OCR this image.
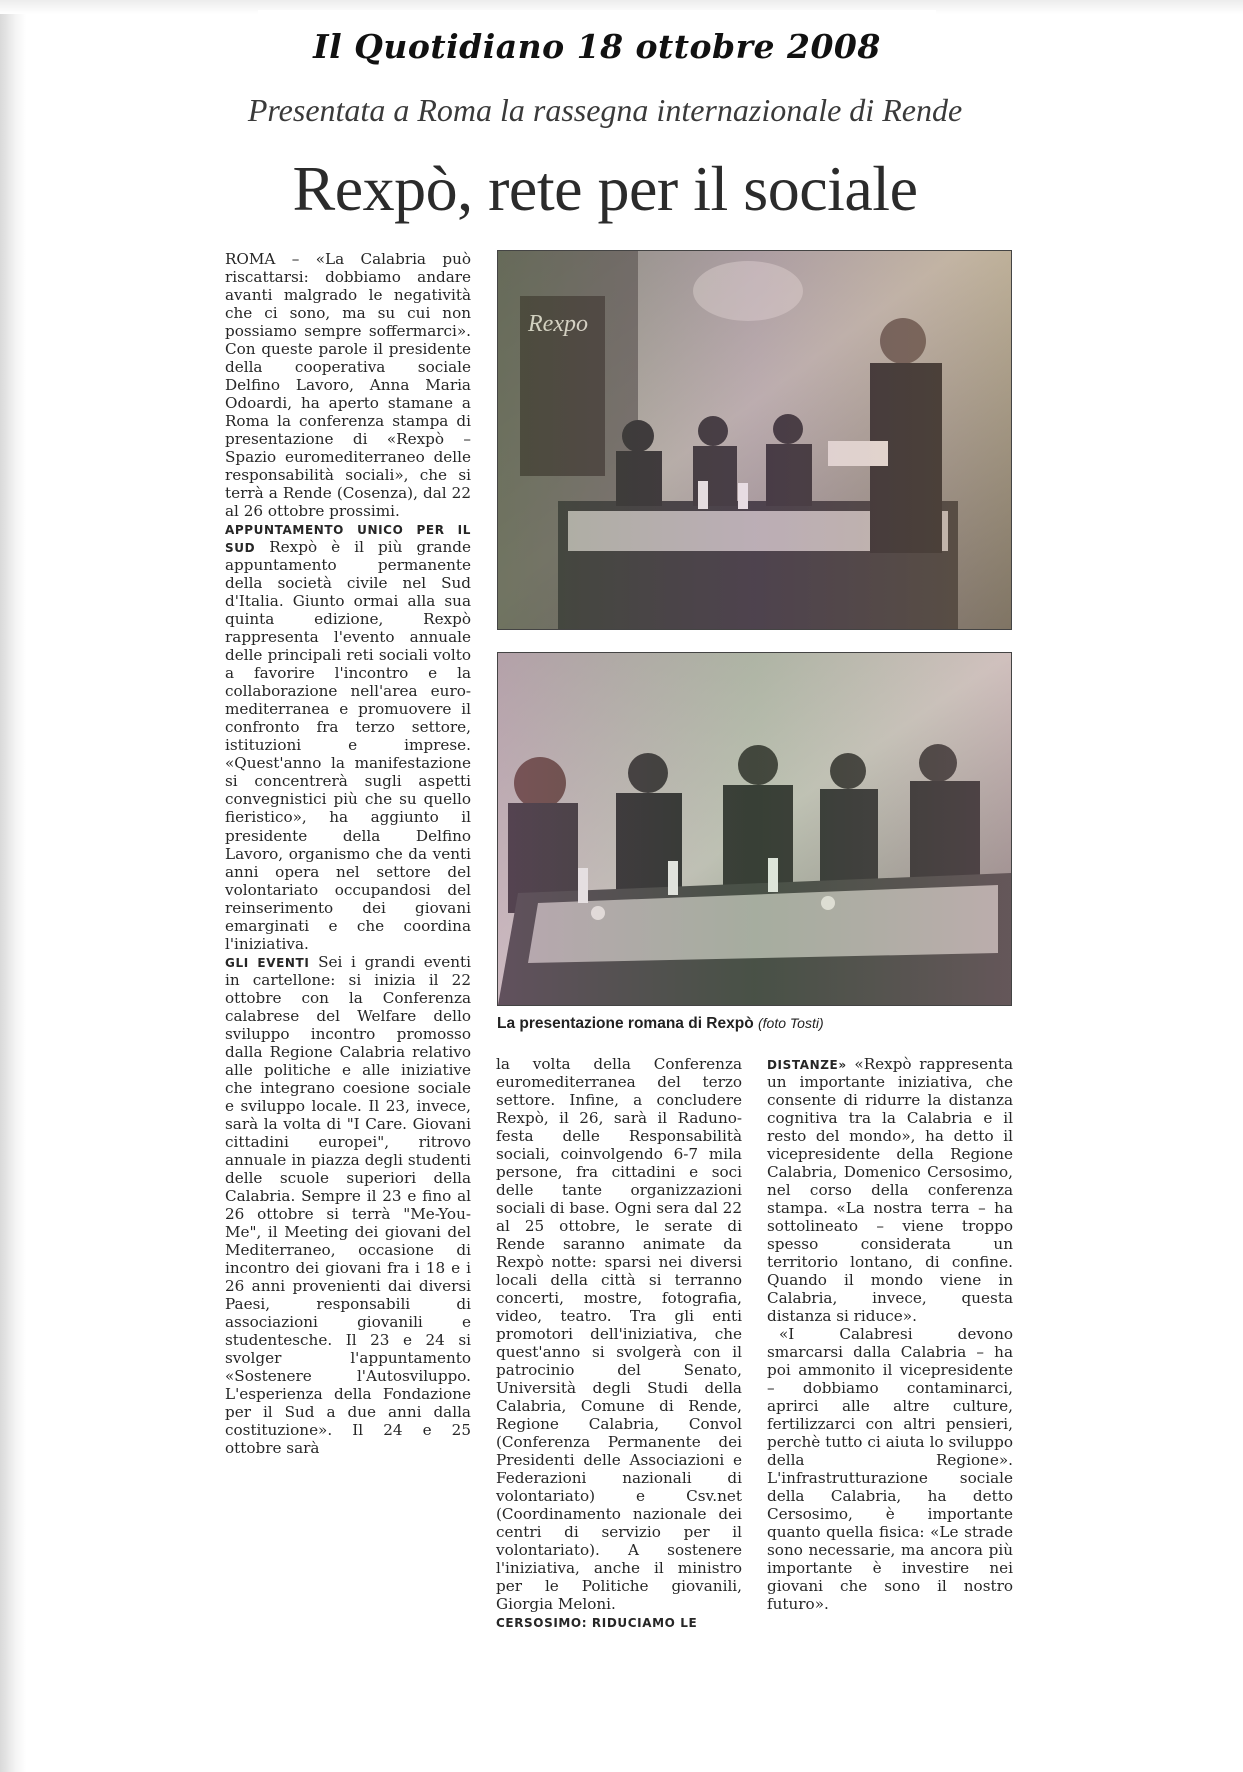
Il Quotidiano 18 ottobre 2008
Presentata a Roma la rassegna internazionale di Rende
Rexpò, rete per il sociale

ROMA – «La Calabria può riscattarsi: dobbiamo andare avanti malgrado le negatività che ci sono, ma su cui non possiamo sempre soffermarci». Con queste parole il presidente della cooperativa sociale Delfino Lavoro, Anna Maria Odoardi, ha aperto stamane a Roma la conferenza stampa di presentazione di «Rexpò – Spazio euromediterraneo delle responsabilità sociali», che si terrà a Rende (Cosenza), dal 22 al 26 ottobre prossimi.

APPUNTAMENTO UNICO PER IL SUD Rexpò è il più grande appuntamento permanente della società civile nel Sud d'Italia. Giunto ormai alla sua quinta edizione, Rexpò rappresenta l'evento annuale delle principali reti sociali volto a favorire l'incontro e la collaborazione nell'area euro-mediterranea e promuovere il confronto fra terzo settore, istituzioni e imprese. «Quest'anno la manifestazione si concentrerà sugli aspetti convegnistici più che su quello fieristico», ha aggiunto il presidente della Delfino Lavoro, organismo che da venti anni opera nel settore del volontariato occupandosi del reinserimento dei giovani emarginati e che coordina l'iniziativa.

GLI EVENTI Sei i grandi eventi in cartellone: si inizia il 22 ottobre con la Conferenza calabrese del Welfare dello sviluppo incontro promosso dalla Regione Calabria relativo alle politiche e alle iniziative che integrano coesione sociale e sviluppo locale. Il 23, invece, sarà la volta di "I Care. Giovani cittadini europei", ritrovo annuale in piazza degli studenti delle scuole superiori della Calabria. Sempre il 23 e fino al 26 ottobre si terrà "Me-You-Me", il Meeting dei giovani del Mediterraneo, occasione di incontro dei giovani fra i 18 e i 26 anni provenienti dai diversi Paesi, responsabili di associazioni giovanili e studentesche. Il 23 e 24 si svolger l'appuntamento «Sostenere l'Autosviluppo. L'esperienza della Fondazione per il Sud a due anni dalla costituzione». Il 24 e 25 ottobre sarà

La presentazione romana di Rexpò (foto Tosti)

la volta della Conferenza euromediterranea del terzo settore. Infine, a concludere Rexpò, il 26, sarà il Raduno-festa delle Responsabilità sociali, coinvolgendo 6-7 mila persone, fra cittadini e soci delle tante organizzazioni sociali di base. Ogni sera dal 22 al 25 ottobre, le serate di Rende saranno animate da Rexpò notte: sparsi nei diversi locali della città si terranno concerti, mostre, fotografia, video, teatro. Tra gli enti promotori dell'iniziativa, che quest'anno si svolgerà con il patrocinio del Senato, Università degli Studi della Calabria, Comune di Rende, Regione Calabria, Convol (Conferenza Permanente dei Presidenti delle Associazioni e Federazioni nazionali di volontariato) e Csv.net (Coordinamento nazionale dei centri di servizio per il volontariato). A sostenere l'iniziativa, anche il ministro per le Politiche giovanili, Giorgia Meloni.

CERSOSIMO: RIDUCIAMO LE

DISTANZE» «Rexpò rappresenta un importante iniziativa, che consente di ridurre la distanza cognitiva tra la Calabria e il resto del mondo», ha detto il vicepresidente della Regione Calabria, Domenico Cersosimo, nel corso della conferenza stampa. «La nostra terra – ha sottolineato – viene troppo spesso considerata un territorio lontano, di confine. Quando il mondo viene in Calabria, invece, questa distanza si riduce».

«I Calabresi devono smarcarsi dalla Calabria – ha poi ammonito il vicepresidente – dobbiamo contaminarci, aprirci alle altre culture, fertilizzarci con altri pensieri, perchè tutto ci aiuta lo sviluppo della Regione». L'infrastrutturazione sociale della Calabria, ha detto Cersosimo, è importante quanto quella fisica: «Le strade sono necessarie, ma ancora più importante è investire nei giovani che sono il nostro futuro».
